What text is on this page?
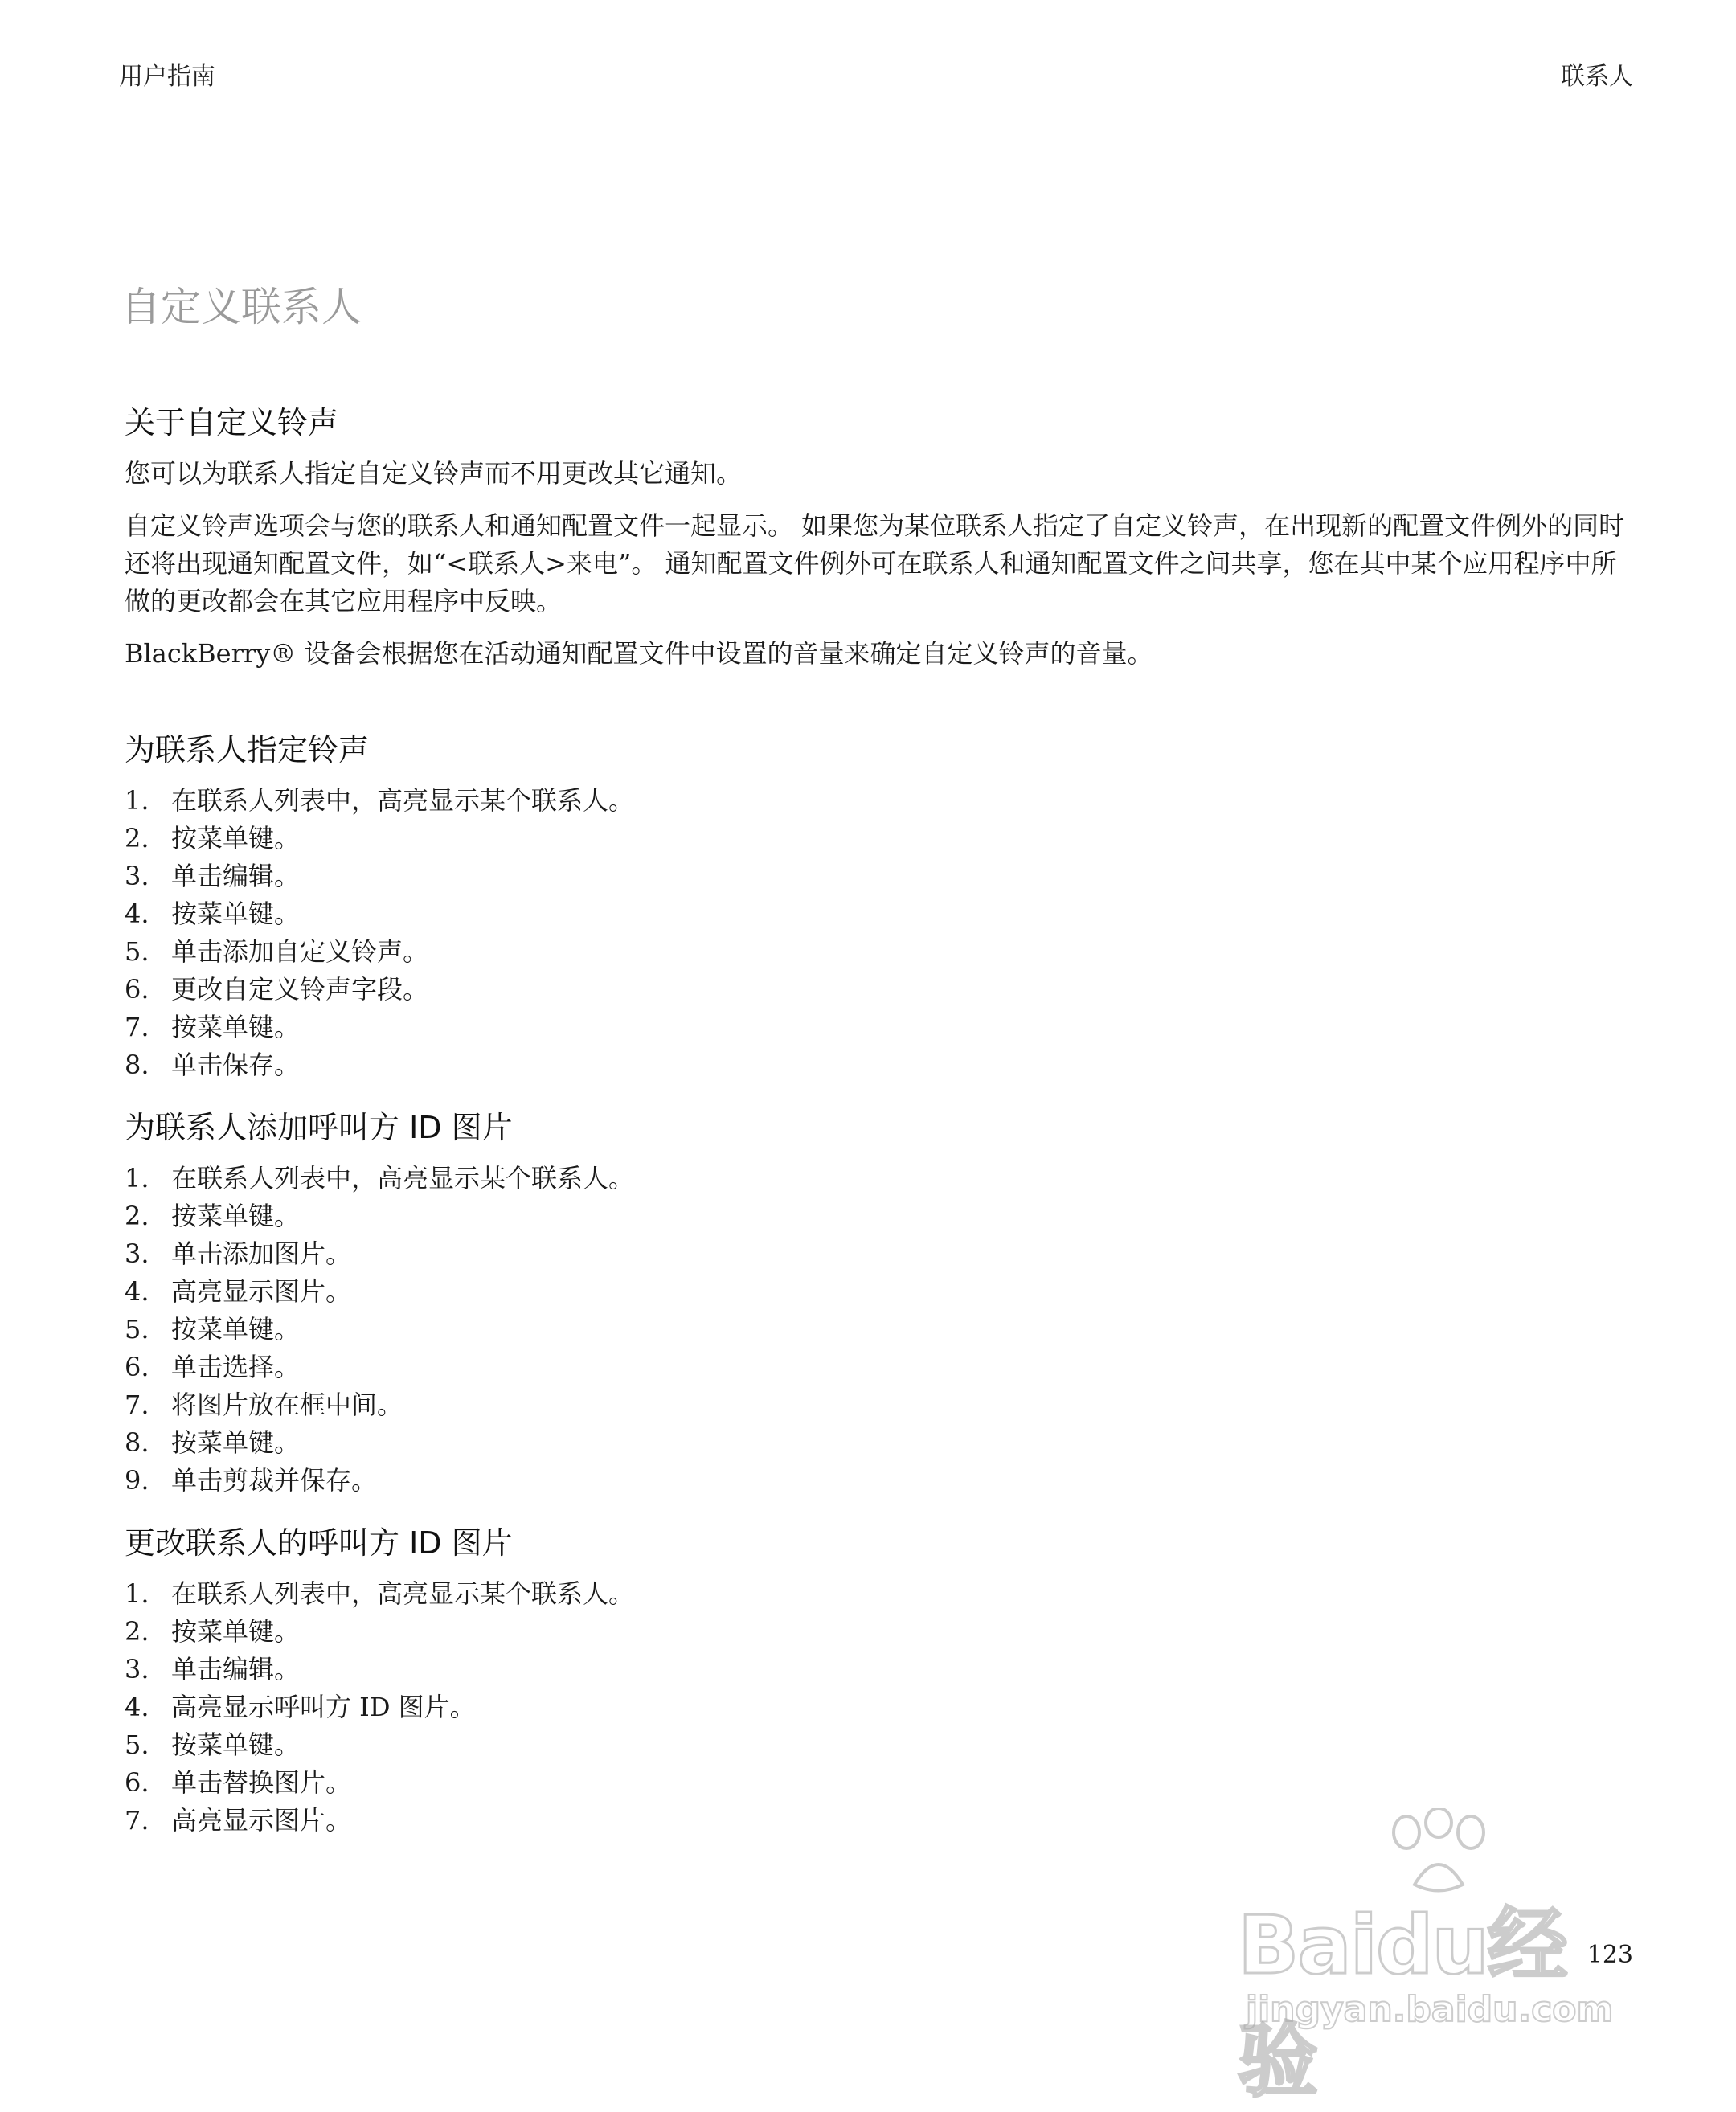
用户指南	联系人
自定义联系人
关于自定义铃声

您可以为联系人指定自定义铃声而不用更改其它通知。

自定义铃声选项会与您的联系人和通知配置文件一起显示。 如果您为某位联系人指定了自定义铃声，在出现新的配置文件例外的同时还将出现通知配置文件，如“<联系人>来电”。 通知配置文件例外可在联系人和通知配置文件之间共享，您在其中某个应用程序中所做的更改都会在其它应用程序中反映。

BlackBerry® 设备会根据您在活动通知配置文件中设置的音量来确定自定义铃声的音量。

为联系人指定铃声
1. 在联系人列表中，高亮显示某个联系人。
2. 按菜单键。
3. 单击编辑。
4. 按菜单键。
5. 单击添加自定义铃声。
6. 更改自定义铃声字段。
7. 按菜单键。
8. 单击保存。
为联系人添加呼叫方 ID 图片
1. 在联系人列表中，高亮显示某个联系人。
2. 按菜单键。
3. 单击添加图片。
4. 高亮显示图片。
5. 按菜单键。
6. 单击选择。
7. 将图片放在框中间。
8. 按菜单键。
9. 单击剪裁并保存。
更改联系人的呼叫方 ID 图片
1. 在联系人列表中，高亮显示某个联系人。
2. 按菜单键。
3. 单击编辑。
4. 高亮显示呼叫方 ID 图片。
5. 按菜单键。
6. 单击替换图片。
7. 高亮显示图片。
123
Baidu经验
jingyan.baidu.com
